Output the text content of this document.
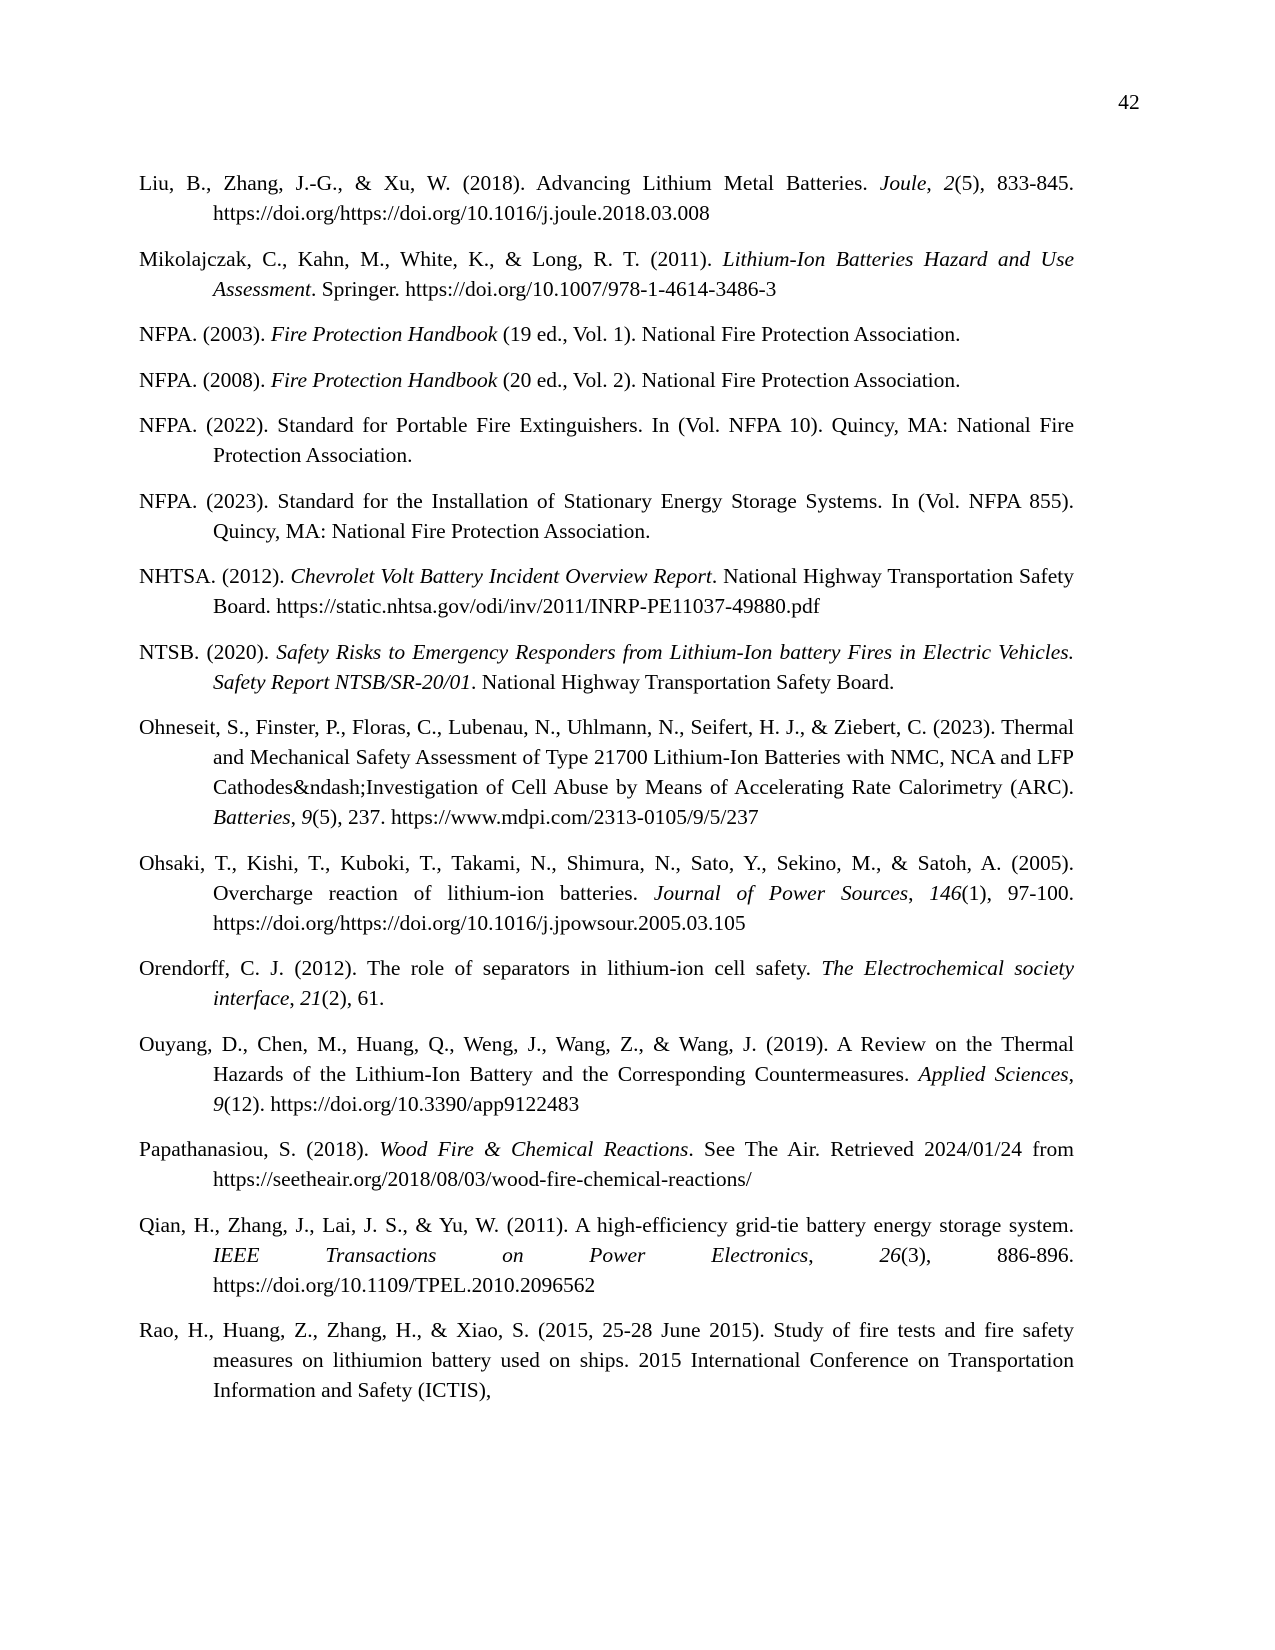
42

Liu, B., Zhang, J.-G., & Xu, W. (2018). Advancing Lithium Metal Batteries. Joule, 2(5), 833-845. https://doi.org/https://doi.org/10.1016/j.joule.2018.03.008

Mikolajczak, C., Kahn, M., White, K., & Long, R. T. (2011). Lithium-Ion Batteries Hazard and Use Assessment. Springer. https://doi.org/10.1007/978-1-4614-3486-3

NFPA. (2003). Fire Protection Handbook (19 ed., Vol. 1). National Fire Protection Association.

NFPA. (2008). Fire Protection Handbook (20 ed., Vol. 2). National Fire Protection Association.

NFPA. (2022). Standard for Portable Fire Extinguishers. In (Vol. NFPA 10). Quincy, MA: National Fire Protection Association.

NFPA. (2023). Standard for the Installation of Stationary Energy Storage Systems. In (Vol. NFPA 855). Quincy, MA: National Fire Protection Association.

NHTSA. (2012). Chevrolet Volt Battery Incident Overview Report. National Highway Transportation Safety Board. https://static.nhtsa.gov/odi/inv/2011/INRP-PE11037-49880.pdf

NTSB. (2020). Safety Risks to Emergency Responders from Lithium-Ion battery Fires in Electric Vehicles. Safety Report NTSB/SR-20/01. National Highway Transportation Safety Board.

Ohneseit, S., Finster, P., Floras, C., Lubenau, N., Uhlmann, N., Seifert, H. J., & Ziebert, C. (2023). Thermal and Mechanical Safety Assessment of Type 21700 Lithium-Ion Batteries with NMC, NCA and LFP Cathodes&ndash;Investigation of Cell Abuse by Means of Accelerating Rate Calorimetry (ARC). Batteries, 9(5), 237. https://www.mdpi.com/2313-0105/9/5/237

Ohsaki, T., Kishi, T., Kuboki, T., Takami, N., Shimura, N., Sato, Y., Sekino, M., & Satoh, A. (2005). Overcharge reaction of lithium-ion batteries. Journal of Power Sources, 146(1), 97-100. https://doi.org/https://doi.org/10.1016/j.jpowsour.2005.03.105

Orendorff, C. J. (2012). The role of separators in lithium-ion cell safety. The Electrochemical society interface, 21(2), 61.

Ouyang, D., Chen, M., Huang, Q., Weng, J., Wang, Z., & Wang, J. (2019). A Review on the Thermal Hazards of the Lithium-Ion Battery and the Corresponding Countermeasures. Applied Sciences, 9(12). https://doi.org/10.3390/app9122483

Papathanasiou, S. (2018). Wood Fire & Chemical Reactions. See The Air. Retrieved 2024/01/24 from https://seetheair.org/2018/08/03/wood-fire-chemical-reactions/

Qian, H., Zhang, J., Lai, J. S., & Yu, W. (2011). A high-efficiency grid-tie battery energy storage system. IEEE Transactions on Power Electronics, 26(3), 886-896. https://doi.org/10.1109/TPEL.2010.2096562

Rao, H., Huang, Z., Zhang, H., & Xiao, S. (2015, 25-28 June 2015). Study of fire tests and fire safety measures on lithiumion battery used on ships. 2015 International Conference on Transportation Information and Safety (ICTIS),
